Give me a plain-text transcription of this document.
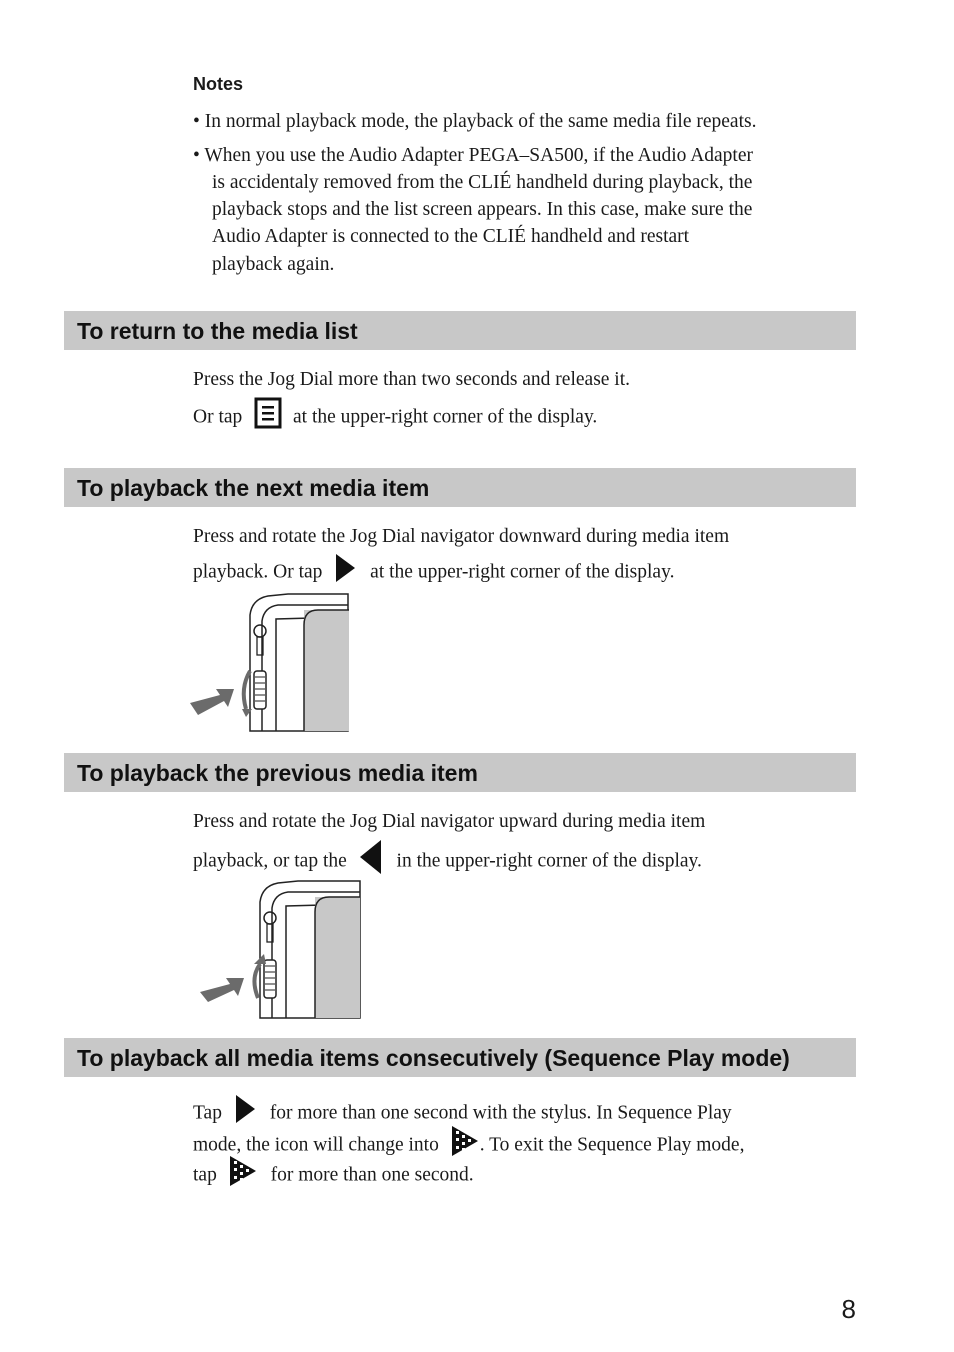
Notes
• In normal playback mode, the playback of the same media file repeats.
• When you use the Audio Adapter PEGA–SA500, if the Audio Adapter
is accidentaly removed from the CLIÉ handheld during playback, the
playback stops and the list screen appears. In this case, make sure the
Audio Adapter is connected to the CLIÉ handheld and restart
playback again.
To return to the media list
Press the Jog Dial more than two seconds and release it.
Or tap	at the upper-right corner of the display.
To playback the next media item
Press and rotate the Jog Dial navigator downward during media item
playback. Or tap at the upper-right corner of the display.
To playback the previous media item
Press and rotate the Jog Dial navigator upward during media item
playback, or tap the	in the upper-right corner of the display.
To playback all media items consecutively (Sequence Play mode)
Tap for more than one second with the stylus. In Sequence Play
mode, the icon will change into . To exit the Sequence Play mode,
tap	for more than one second.
8
